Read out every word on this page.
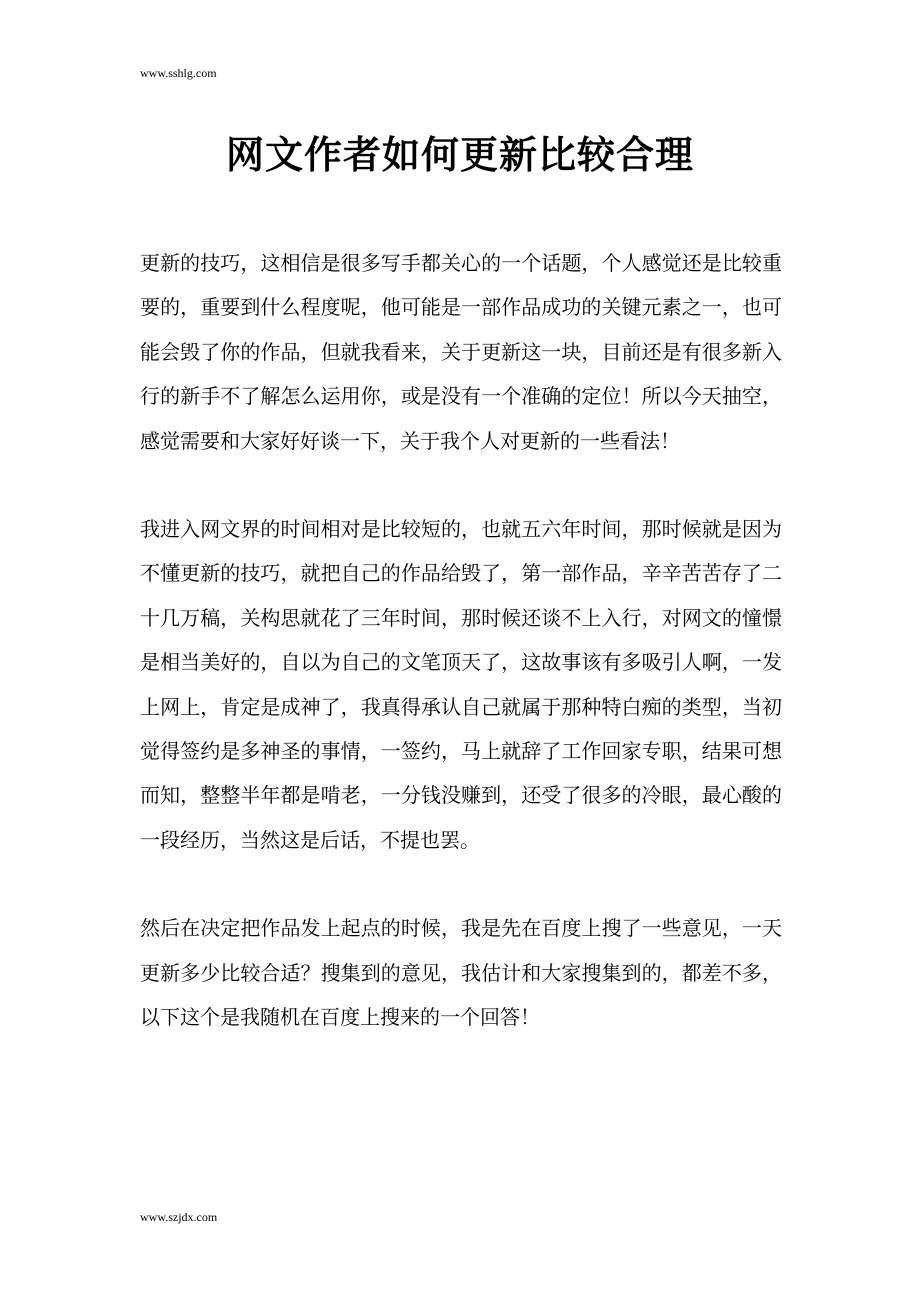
www.sshlg.com
网文作者如何更新比较合理

更新的技巧，这相信是很多写手都关心的一个话题，个人感觉还是比较重要的，重要到什么程度呢，他可能是一部作品成功的关键元素之一，也可能会毁了你的作品，但就我看来，关于更新这一块，目前还是有很多新入行的新手不了解怎么运用你，或是没有一个准确的定位！所以今天抽空，感觉需要和大家好好谈一下，关于我个人对更新的一些看法！

我进入网文界的时间相对是比较短的，也就五六年时间，那时候就是因为不懂更新的技巧，就把自己的作品给毁了，第一部作品，辛辛苦苦存了二十几万稿，关构思就花了三年时间，那时候还谈不上入行，对网文的憧憬是相当美好的，自以为自己的文笔顶天了，这故事该有多吸引人啊，一发上网上，肯定是成神了，我真得承认自己就属于那种特白痴的类型，当初觉得签约是多神圣的事情，一签约，马上就辞了工作回家专职，结果可想而知，整整半年都是啃老，一分钱没赚到，还受了很多的冷眼，最心酸的一段经历，当然这是后话，不提也罢。

然后在决定把作品发上起点的时候，我是先在百度上搜了一些意见，一天更新多少比较合适？搜集到的意见，我估计和大家搜集到的，都差不多，以下这个是我随机在百度上搜来的一个回答！

www.szjdx.com
